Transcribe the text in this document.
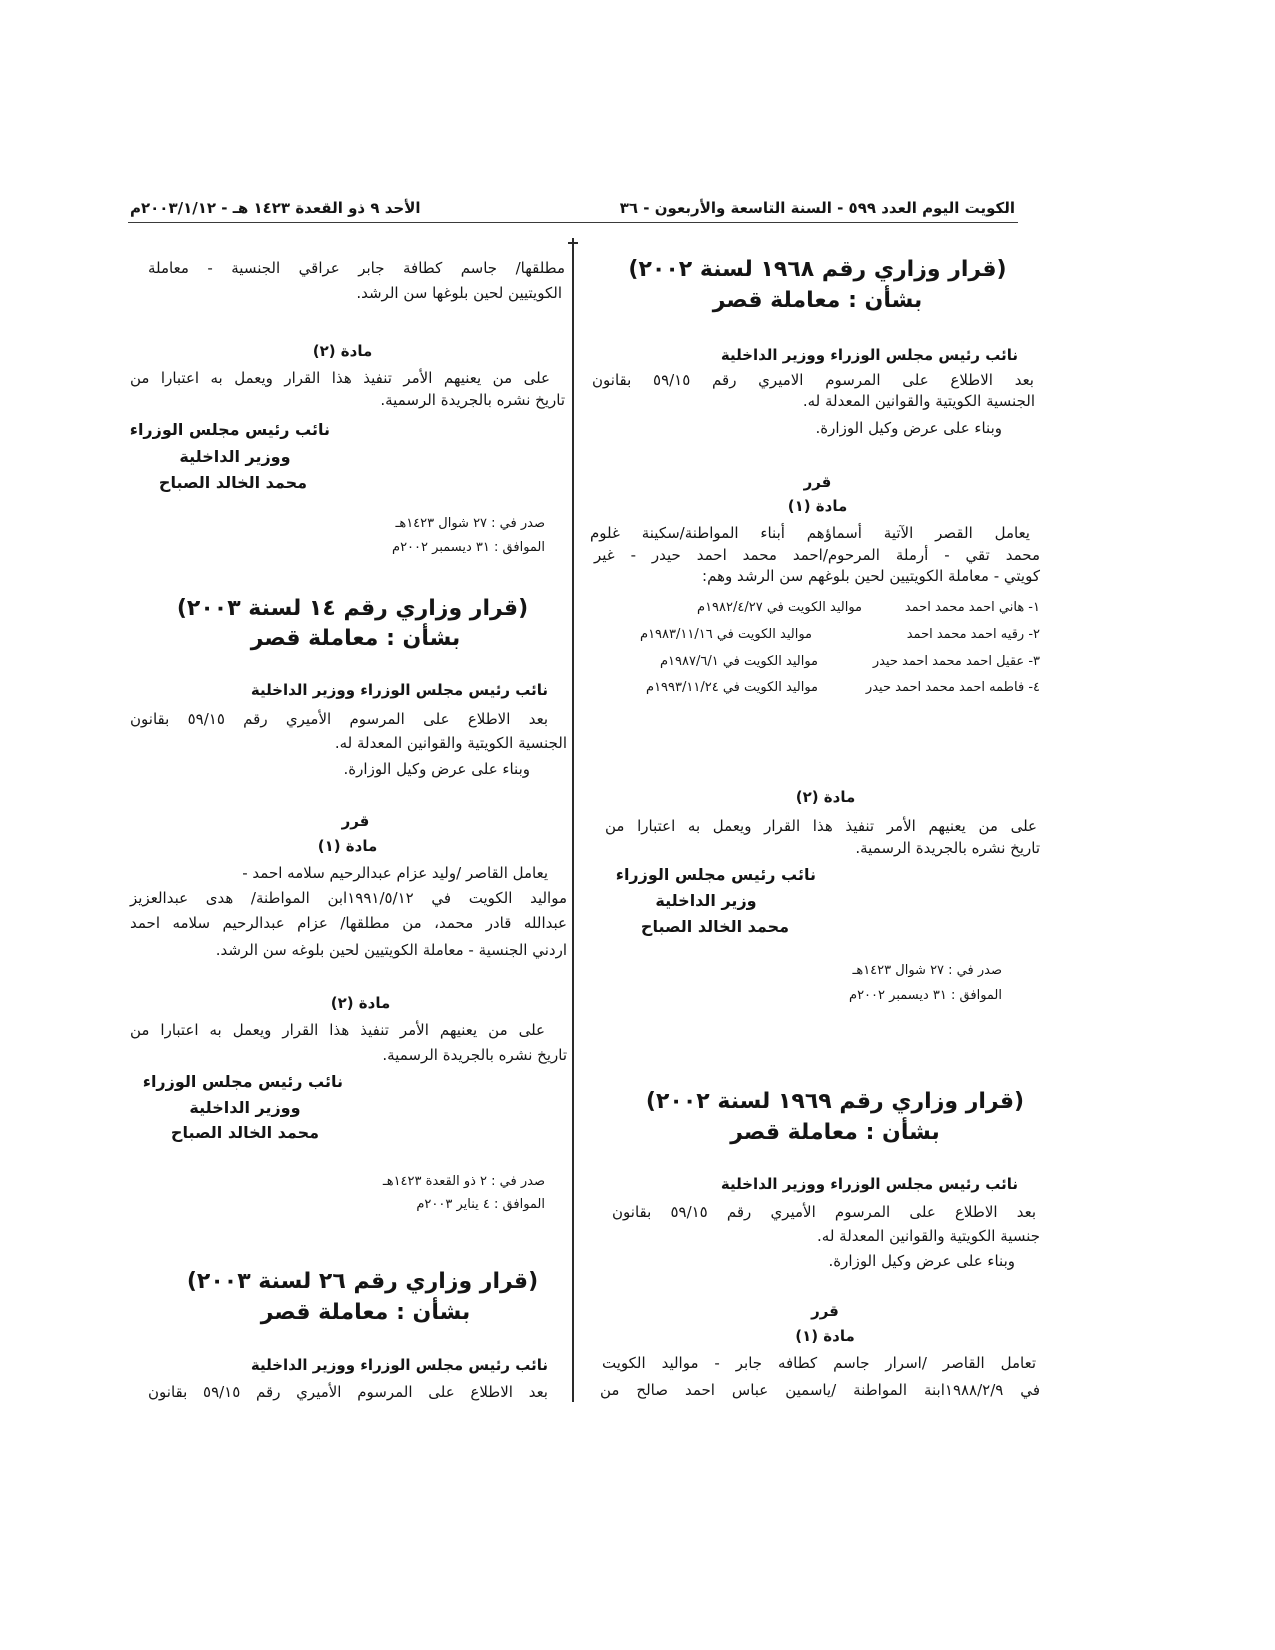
الكويت اليوم العدد ٥٩٩ - السنة التاسعة والأربعون - ٣٦
الأحد ٩ ذو القعدة ١٤٢٣ هـ - ٢٠٠٣/١/١٢م
(قرار وزاري رقم ١٩٦٨ لسنة ٢٠٠٢)
بشأن : معاملة قصر
نائب رئيس مجلس الوزراء ووزير الداخلية
بعد الاطلاع على المرسوم الاميري رقم ٥٩/١٥ بقانون
الجنسية الكويتية والقوانين المعدلة له.
وبناء على عرض وكيل الوزارة.
قرر
مادة (١)
يعامل القصر الآتية أسماؤهم أبناء المواطنة/سكينة غلوم
محمد تقي - أرملة المرحوم/احمد محمد احمد حيدر - غير
كويتي - معاملة الكويتيين لحين بلوغهم سن الرشد وهم:
١- هاني احمد محمد احمد
مواليد الكويت في ١٩٨٢/٤/٢٧م
٢- رقيه احمد محمد احمد
مواليد الكويت في ١٩٨٣/١١/١٦م
٣- عقيل احمد محمد احمد حيدر
مواليد الكويت في ١٩٨٧/٦/١م
٤- فاطمه احمد محمد احمد حيدر
مواليد الكويت في ١٩٩٣/١١/٢٤م
مادة (٢)
على من يعنيهم الأمر تنفيذ هذا القرار ويعمل به اعتبارا من
تاريخ نشره بالجريدة الرسمية.
نائب رئيس مجلس الوزراء
وزير الداخلية
محمد الخالد الصباح
صدر في : ٢٧ شوال ١٤٢٣هـ
الموافق : ٣١ ديسمبر ٢٠٠٢م
(قرار وزاري رقم ١٩٦٩ لسنة ٢٠٠٢)
بشأن : معاملة قصر
نائب رئيس مجلس الوزراء ووزير الداخلية
بعد الاطلاع على المرسوم الأميري رقم ٥٩/١٥ بقانون
جنسية الكويتية والقوانين المعدلة له.
وبناء على عرض وكيل الوزارة.
قرر
مادة (١)
تعامل القاصر /اسرار جاسم كطافه جابر - مواليد الكويت
في ١٩٨٨/٢/٩ابنة المواطنة /ياسمين عباس احمد صالح من
مطلقها/ جاسم كطافة جابر عراقي الجنسية - معاملة
الكويتيين لحين بلوغها سن الرشد.
مادة (٢)
على من يعنيهم الأمر تنفيذ هذا القرار ويعمل به اعتبارا من
تاريخ نشره بالجريدة الرسمية.
نائب رئيس مجلس الوزراء
ووزير الداخلية
محمد الخالد الصباح
صدر في : ٢٧ شوال ١٤٢٣هـ
الموافق : ٣١ ديسمبر ٢٠٠٢م
(قرار وزاري رقم ١٤ لسنة ٢٠٠٣)
بشأن : معاملة قصر
نائب رئيس مجلس الوزراء ووزير الداخلية
بعد الاطلاع على المرسوم الأميري رقم ٥٩/١٥ بقانون
الجنسية الكويتية والقوانين المعدلة له.
وبناء على عرض وكيل الوزارة.
قرر
مادة (١)
يعامل القاصر /وليد عزام عبدالرحيم سلامه احمد -
مواليد الكويت في ١٩٩١/٥/١٢ابن المواطنة/ هدى عبدالعزيز
عبدالله قادر محمد، من مطلقها/ عزام عبدالرحيم سلامه احمد
اردني الجنسية - معاملة الكويتيين لحين بلوغه سن الرشد.
مادة (٢)
على من يعنيهم الأمر تنفيذ هذا القرار ويعمل به اعتبارا من
تاريخ نشره بالجريدة الرسمية.
نائب رئيس مجلس الوزراء
ووزير الداخلية
محمد الخالد الصباح
صدر في : ٢ ذو القعدة ١٤٢٣هـ
الموافق : ٤ يناير ٢٠٠٣م
(قرار وزاري رقم ٢٦ لسنة ٢٠٠٣)
بشأن : معاملة قصر
نائب رئيس مجلس الوزراء ووزير الداخلية
بعد الاطلاع على المرسوم الأميري رقم ٥٩/١٥ بقانون
